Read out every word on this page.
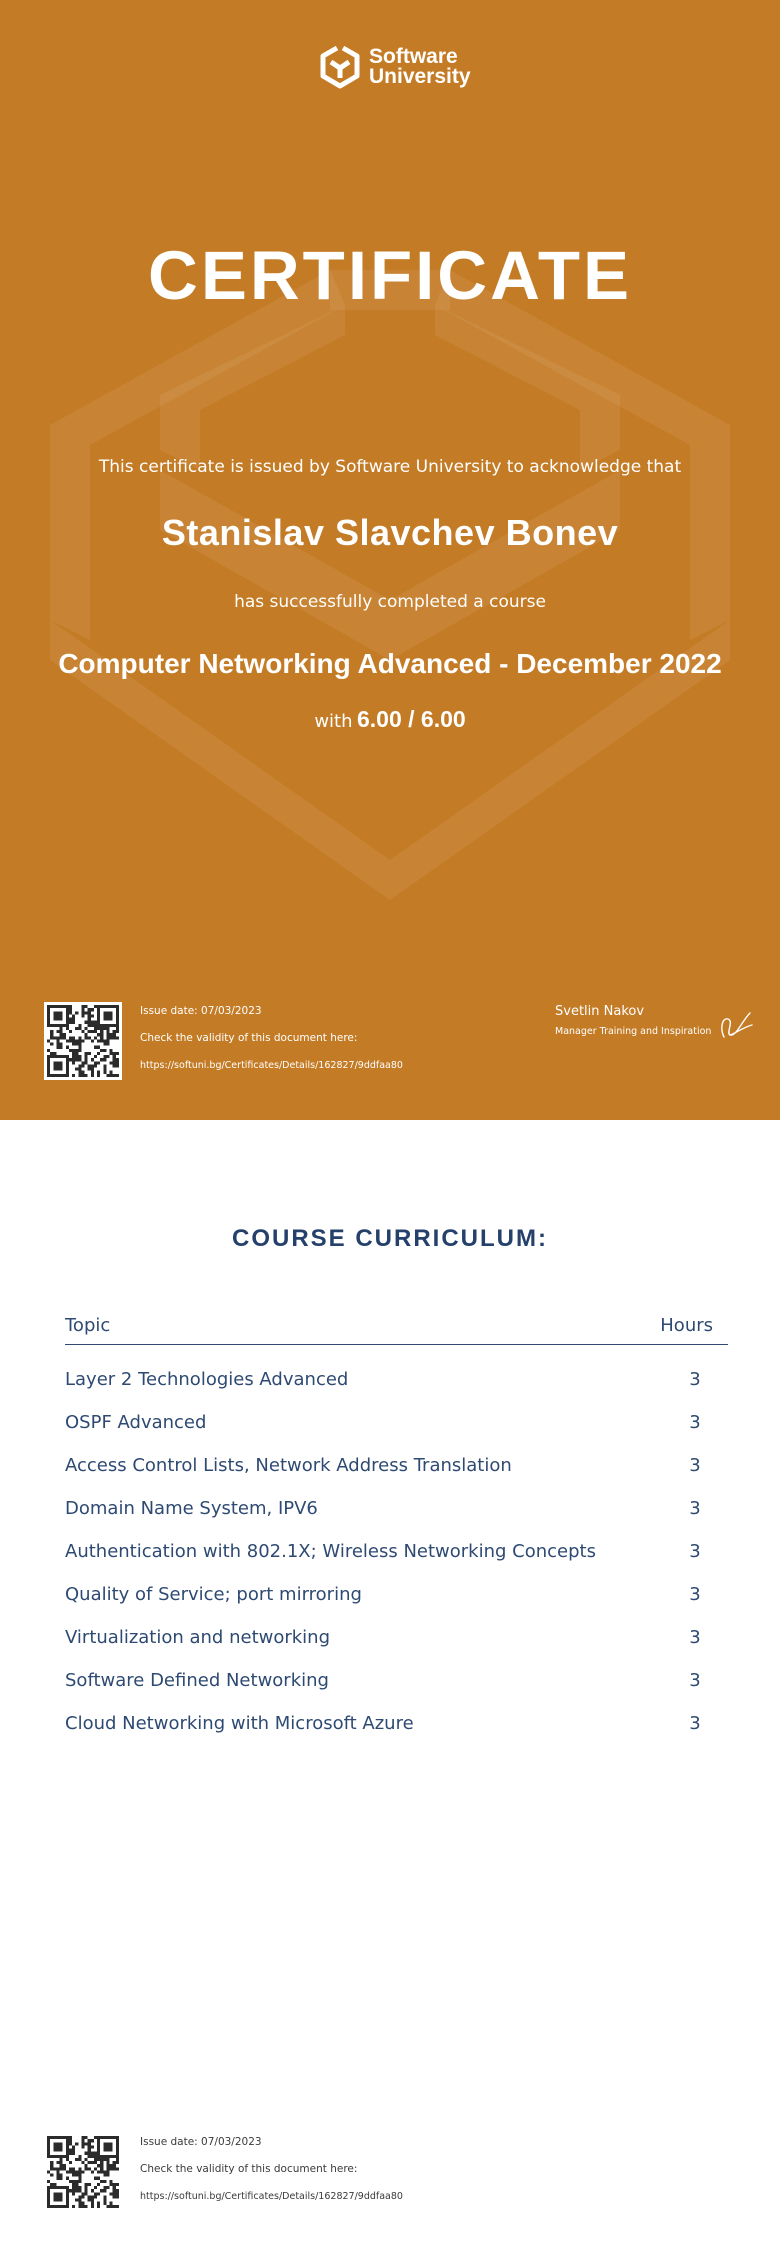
Software
University
CERTIFICATE
This certificate is issued by Software University to acknowledge that
Stanislav Slavchev Bonev
has successfully completed a course
Computer Networking Advanced - December 2022
with 6.00 / 6.00
Issue date: 07/03/2023
Check the validity of this document here:
https://softuni.bg/Certificates/Details/162827/9ddfaa80
Svetlin Nakov
Manager Training and Inspiration
COURSE CURRICULUM:
Topic	Hours
Layer 2 Technologies Advanced	3
OSPF Advanced	3
Access Control Lists, Network Address Translation	3
Domain Name System, IPV6	3
Authentication with 802.1X; Wireless Networking Concepts	3
Quality of Service; port mirroring	3
Virtualization and networking	3
Software Defined Networking	3
Cloud Networking with Microsoft Azure	3
Issue date: 07/03/2023
Check the validity of this document here:
https://softuni.bg/Certificates/Details/162827/9ddfaa80
